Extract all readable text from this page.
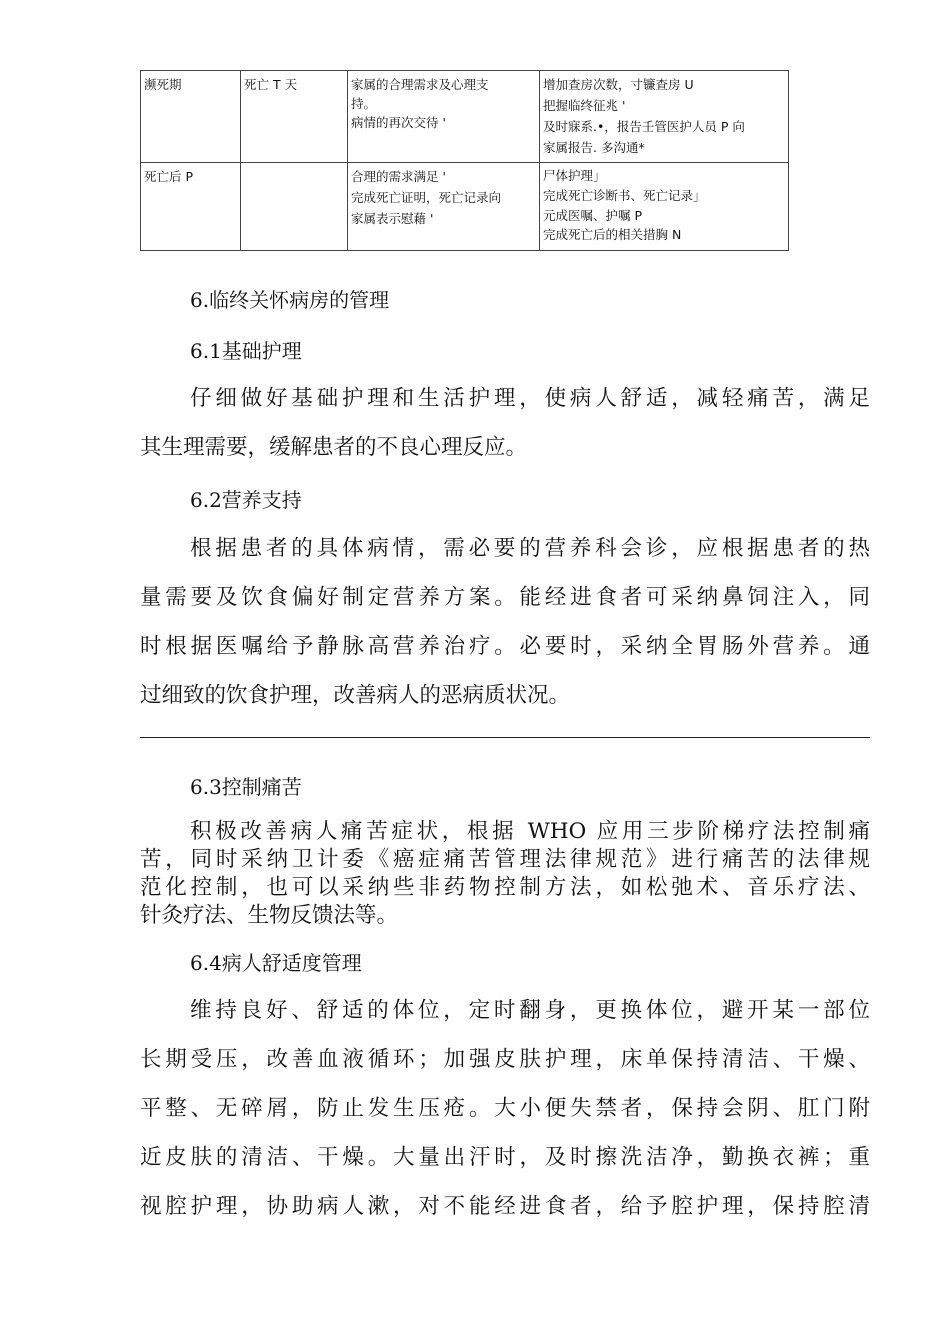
濒死期	死亡 T 天	家属的合理需求及心理支
持。
病情的再次交待 '	增加查房次数，寸镰查房 U
把握临终征兆 '
及时寐系.•，报告壬管医护人员 P 向
家属报告. 多沟通*

死亡后 P		合理的需求满足 '
完成死亡证明，死亡记录向
家属表示慰藉 '	尸体护理」
完成死亡诊断书、死亡记录」
元成医嘱、护嘱 P
完成死亡后的相关措胸 N
6.临终关怀病房的管理
6.1基础护理
仔细做好基础护理和生活护理，使病人舒适，减轻痛苦，满足
其生理需要，缓解患者的不良心理反应。
6.2营养支持
根据患者的具体病情，需必要的营养科会诊，应根据患者的热
量需要及饮食偏好制定营养方案。能经进食者可采纳鼻饲注入，同
时根据医嘱给予静脉高营养治疗。必要时，采纳全胃肠外营养。通
过细致的饮食护理，改善病人的恶病质状况。
6.3控制痛苦
积极改善病人痛苦症状，根据 WHO 应用三步阶梯疗法控制痛
苦，同时采纳卫计委《癌症痛苦管理法律规范》进行痛苦的法律规
范化控制，也可以采纳些非药物控制方法，如松弛术、音乐疗法、
针灸疗法、生物反馈法等。
6.4病人舒适度管理
维持良好、舒适的体位，定时翻身，更换体位，避开某一部位
长期受压，改善血液循环；加强皮肤护理，床单保持清洁、干燥、
平整、无碎屑，防止发生压疮。大小便失禁者，保持会阴、肛门附
近皮肤的清洁、干燥。大量出汗时，及时擦洗洁净，勤换衣裤；重
视腔护理，协助病人漱，对不能经进食者，给予腔护理，保持腔清
